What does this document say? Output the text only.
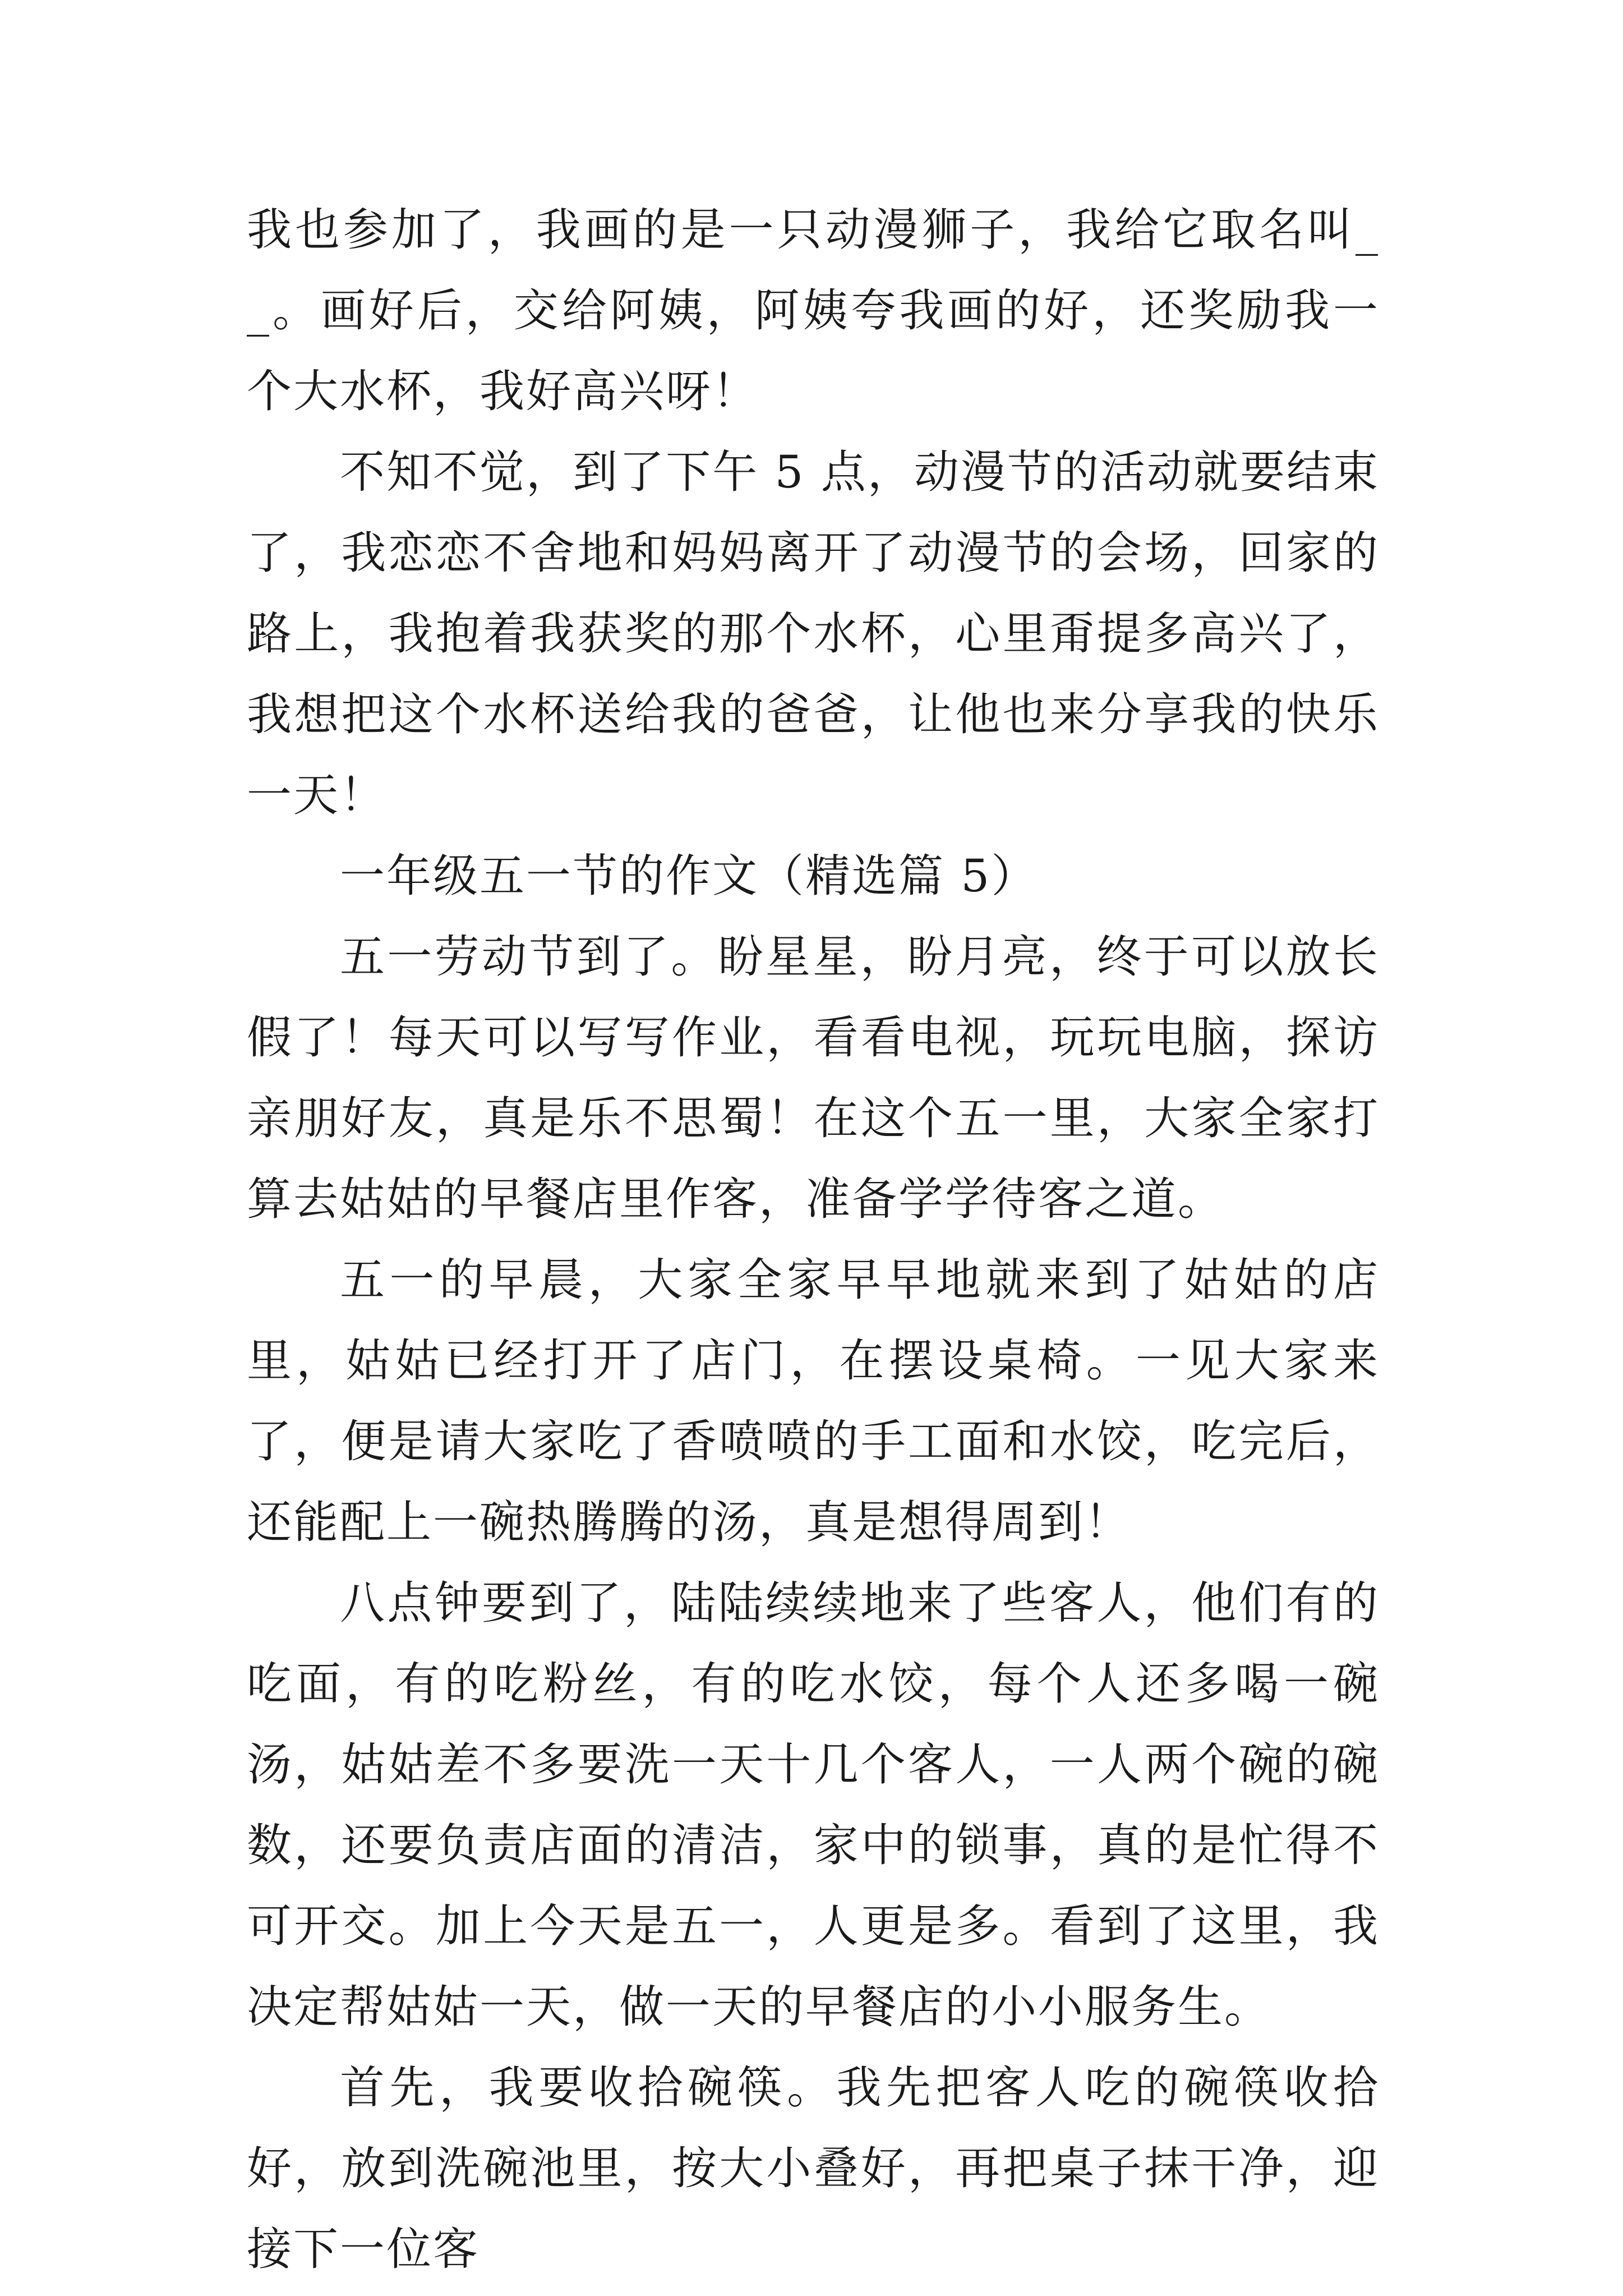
我也参加了，我画的是一只动漫狮子，我给它取名叫__。画好后，交给阿姨，阿姨夸我画的好，还奖励我一个大水杯，我好高兴呀！

不知不觉，到了下午 5 点，动漫节的活动就要结束了，我恋恋不舍地和妈妈离开了动漫节的会场，回家的路上，我抱着我获奖的那个水杯，心里甭提多高兴了，我想把这个水杯送给我的爸爸，让他也来分享我的快乐一天！

一年级五一节的作文（精选篇 5）

五一劳动节到了。盼星星，盼月亮，终于可以放长假了！每天可以写写作业，看看电视，玩玩电脑，探访亲朋好友，真是乐不思蜀！在这个五一里，大家全家打算去姑姑的早餐店里作客，准备学学待客之道。

五一的早晨，大家全家早早地就来到了姑姑的店里，姑姑已经打开了店门，在摆设桌椅。一见大家来了，便是请大家吃了香喷喷的手工面和水饺，吃完后，还能配上一碗热腾腾的汤，真是想得周到！

八点钟要到了，陆陆续续地来了些客人，他们有的吃面，有的吃粉丝，有的吃水饺，每个人还多喝一碗汤，姑姑差不多要洗一天十几个客人，一人两个碗的碗数，还要负责店面的清洁，家中的锁事，真的是忙得不可开交。加上今天是五一，人更是多。看到了这里，我决定帮姑姑一天，做一天的早餐店的小小服务生。

首先，我要收拾碗筷。我先把客人吃的碗筷收拾好，放到洗碗池里，按大小叠好，再把桌子抹干净，迎接下一位客
